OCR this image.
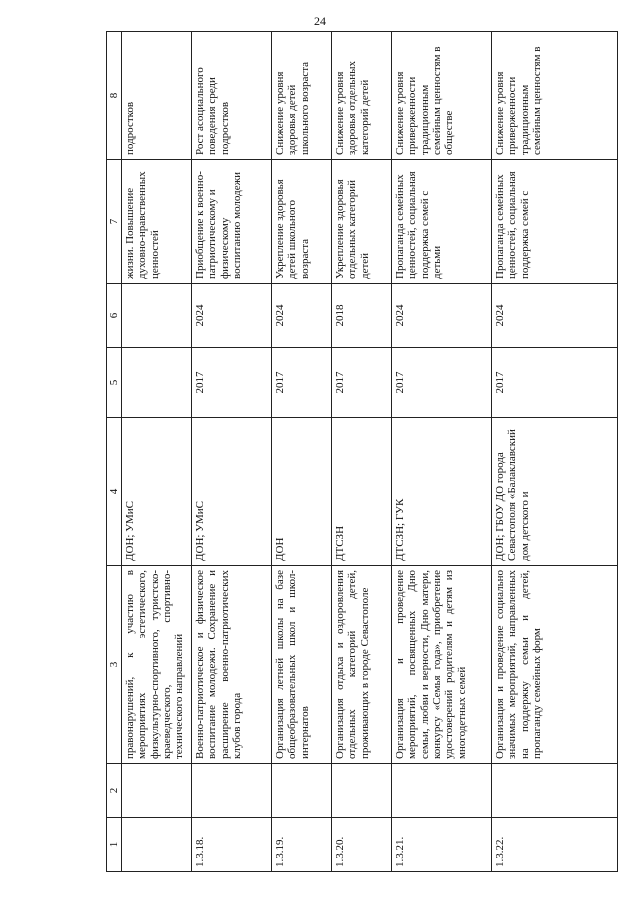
24
1	2	3	4	5	6	7	8
		правонарушений, к участию в мероприятиях эстетического, физкультурно-спортивного, туристско-краеведческого, спортивно-технического направлений	ДОН; УМиС			жизни. Повышение духовно-нравственных ценностей	подростков
1.3.18.		Военно-патриотическое и физическое воспитание молодежи. Сохранение и расширение военно-патриотических клубов города	ДОН; УМиС	2017	2024	Приобщение к военно-патриотическому и физическому воспитанию молодежи	Рост асоциального поведения среди подростков
1.3.19.		Организация летней школы на базе общеобразовательных школ и школ-интернатов	ДОН	2017	2024	Укрепление здоровья детей школьного возраста	Снижение уровня здоровья детей школьного возраста
1.3.20.		Организация отдыха и оздоровления отдельных категорий детей, проживающих в городе Севастополе	ДТСЗН	2017	2018	Укрепление здоровья отдельных категорий детей	Снижение уровня здоровья отдельных категорий детей
1.3.21.		Организация и проведение мероприятий, посвященных Дню семьи, любви и верности, Дню матери, конкурсу «Семья года», приобретение удостоверений родителям и детям из многодетных семей	ДТСЗН; ГУК	2017	2024	Пропаганда семейных ценностей, социальная поддержка семей с детьми	Снижение уровня приверженности традиционным семейным ценностям в обществе
1.3.22.		Организация и проведение социально значимых мероприятий, направленных на поддержку семьи и детей, пропаганду семейных форм	ДОН; ГБОУ ДО города Севастополя «Балаклавский дом детского и	2017	2024	Пропаганда семейных ценностей, социальная поддержка семей с	Снижение уровня приверженности традиционным семейным ценностям в
